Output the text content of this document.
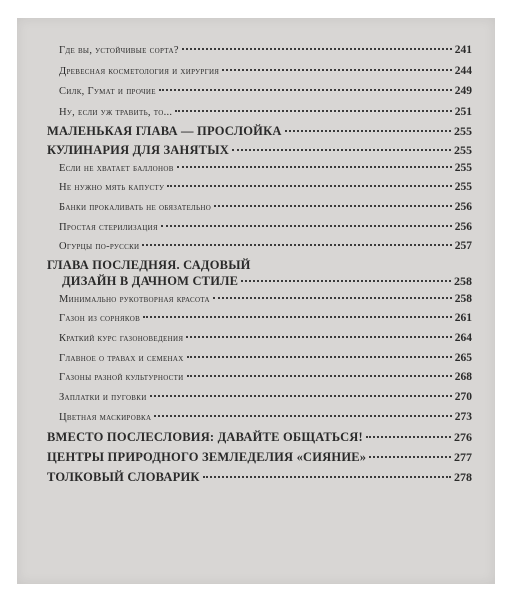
Где вы, устойчивые сорта?	241
Древесная косметология и хирургия	244
Силк, Гумат и прочие	249
Ну, если уж травить, то...	251
МАЛЕНЬКАЯ ГЛАВА — ПРОСЛОЙКА	255
КУЛИНАРИЯ ДЛЯ ЗАНЯТЫХ	255
Если не хватает баллонов	255
Не нужно мять капусту	255
Банки прокаливать не обязательно	256
Простая стерилизация	256
Огурцы по-русски	257
ГЛАВА ПОСЛЕДНЯЯ. САДОВЫЙ
ДИЗАЙН В ДАЧНОМ СТИЛЕ	258
Минимально рукотворная красота	258
Газон из сорняков	261
Краткий курс газоноведения	264
Главное о травах и семенах	265
Газоны разной культурности	268
Заплатки и пуговки	270
Цветная маскировка	273
ВМЕСТО ПОСЛЕСЛОВИЯ: ДАВАЙТЕ ОБЩАТЬСЯ!	276
ЦЕНТРЫ ПРИРОДНОГО ЗЕМЛЕДЕЛИЯ «СИЯНИЕ»	277
ТОЛКОВЫЙ СЛОВАРИК	278
